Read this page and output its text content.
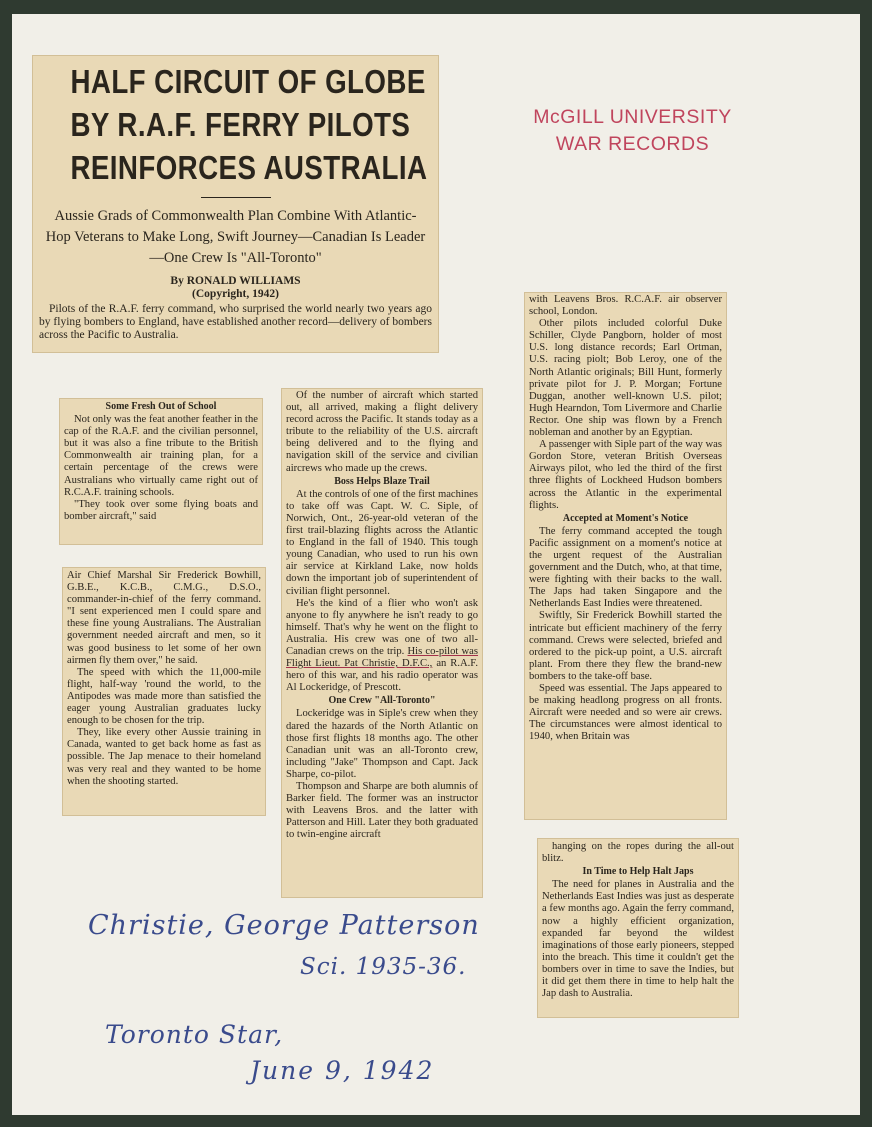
McGILL UNIVERSITY
WAR RECORDS
HALF CIRCUIT OF GLOBE
BY R.A.F. FERRY PILOTS
REINFORCES AUSTRALIA
Aussie Grads of Commonwealth Plan Combine With Atlantic-Hop Veterans to Make Long, Swift Journey—Canadian Is Leader—One Crew Is "All-Toronto"
By RONALD WILLIAMS
(Copyright, 1942)

Pilots of the R.A.F. ferry command, who surprised the world nearly two years ago by flying bombers to England, have established another record—delivery of bombers across the Pacific to Australia.

Some Fresh Out of School

Not only was the feat another feather in the cap of the R.A.F. and the civilian personnel, but it was also a fine tribute to the British Commonwealth air training plan, for a certain percentage of the crews were Australians who virtually came right out of R.C.A.F. training schools.

"They took over some flying boats and bomber aircraft," said

Air Chief Marshal Sir Frederick Bowhill, G.B.E., K.C.B., C.M.G., D.S.O., commander-in-chief of the ferry command. "I sent experienced men I could spare and these fine young Australians. The Australian government needed aircraft and men, so it was good business to let some of her own airmen fly them over," he said.

The speed with which the 11,000-mile flight, half-way 'round the world, to the Antipodes was made more than satisfied the eager young Australian graduates lucky enough to be chosen for the trip.

They, like every other Aussie training in Canada, wanted to get back home as fast as possible. The Jap menace to their homeland was very real and they wanted to be home when the shooting started.

Of the number of aircraft which started out, all arrived, making a flight delivery record across the Pacific. It stands today as a tribute to the reliability of the U.S. aircraft being delivered and to the flying and navigation skill of the service and civilian aircrews who made up the crews.

Boss Helps Blaze Trail

At the controls of one of the first machines to take off was Capt. W. C. Siple, of Norwich, Ont., 26-year-old veteran of the first trail-blazing flights across the Atlantic to England in the fall of 1940. This tough young Canadian, who used to run his own air service at Kirkland Lake, now holds down the important job of superintendent of civilian flight personnel.

He's the kind of a flier who won't ask anyone to fly anywhere he isn't ready to go himself. That's why he went on the flight to Australia. His crew was one of two all-Canadian crews on the trip. His co-pilot was Flight Lieut. Pat Christie, D.F.C., an R.A.F. hero of this war, and his radio operator was Al Lockeridge, of Prescott.

One Crew "All-Toronto"

Lockeridge was in Siple's crew when they dared the hazards of the North Atlantic on those first flights 18 months ago. The other Canadian unit was an all-Toronto crew, including "Jake" Thompson and Capt. Jack Sharpe, co-pilot.

Thompson and Sharpe are both alumnis of Barker field. The former was an instructor with Leavens Bros. and the latter with Patterson and Hill. Later they both graduated to twin-engine aircraft

with Leavens Bros. R.C.A.F. air observer school, London.

Other pilots included colorful Duke Schiller, Clyde Pangborn, holder of most U.S. long distance records; Earl Ortman, U.S. racing piolt; Bob Leroy, one of the North Atlantic originals; Bill Hunt, formerly private pilot for J. P. Morgan; Fortune Duggan, another well-known U.S. pilot; Hugh Hearndon, Tom Livermore and Charlie Rector. One ship was flown by a French nobleman and another by an Egyptian.

A passenger with Siple part of the way was Gordon Store, veteran British Overseas Airways pilot, who led the third of the first three flights of Lockheed Hudson bombers across the Atlantic in the experimental flights.

Accepted at Moment's Notice

The ferry command accepted the tough Pacific assignment on a moment's notice at the urgent request of the Australian government and the Dutch, who, at that time, were fighting with their backs to the wall. The Japs had taken Singapore and the Netherlands East Indies were threatened.

Swiftly, Sir Frederick Bowhill started the intricate but efficient machinery of the ferry command. Crews were selected, briefed and ordered to the pick-up point, a U.S. aircraft plant. From there they flew the brand-new bombers to the take-off base.

Speed was essential. The Japs appeared to be making headlong progress on all fronts. Aircraft were needed and so were air crews. The circumstances were almost identical to 1940, when Britain was

hanging on the ropes during the all-out blitz.

In Time to Help Halt Japs

The need for planes in Australia and the Netherlands East Indies was just as desperate a few months ago. Again the ferry command, now a highly efficient organization, expanded far beyond the wildest imaginations of those early pioneers, stepped into the breach. This time it couldn't get the bombers over in time to save the Indies, but it did get them there in time to help halt the Jap dash to Australia.

Christie, George Patterson
Sci. 1935-36.
Toronto Star,
June 9, 1942
